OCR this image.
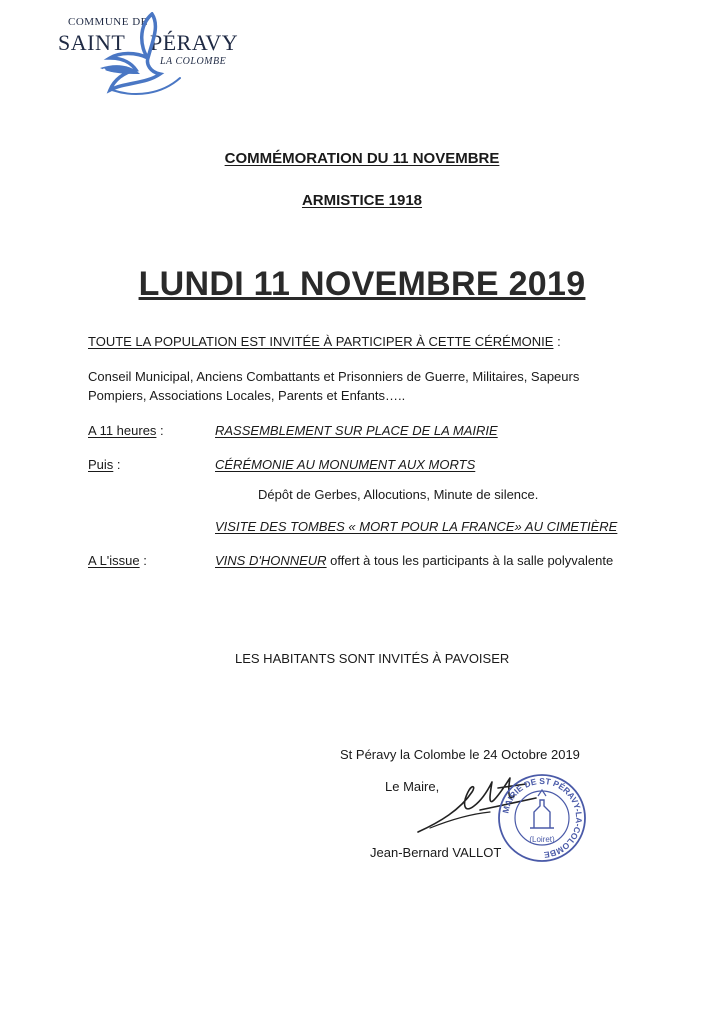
COMMUNE DE
SAINT PÉRAVY
LA COLOMBE
COMMÉMORATION DU 11 NOVEMBRE
ARMISTICE 1918
LUNDI 11 NOVEMBRE 2019
TOUTE LA POPULATION EST INVITÉE À PARTICIPER À CETTE CÉRÉMONIE :
Conseil Municipal, Anciens Combattants et Prisonniers de Guerre, Militaires, Sapeurs
Pompiers, Associations Locales, Parents et Enfants…..
A 11 heures :	RASSEMBLEMENT SUR PLACE DE LA MAIRIE
Puis :	CÉRÉMONIE AU MONUMENT AUX MORTS
Dépôt de Gerbes, Allocutions, Minute de silence.
VISITE DES TOMBES « MORT POUR LA FRANCE» AU CIMETIÈRE
A L'issue :	VINS D'HONNEUR offert à tous les participants à la salle polyvalente
LES HABITANTS SONT INVITÉS À PAVOISER
St Péravy la Colombe le 24 Octobre 2019
Le Maire,
MAIRIE DE ST PÉRAVY-LA-COLOMBE
(Loiret)
Jean-Bernard VALLOT
